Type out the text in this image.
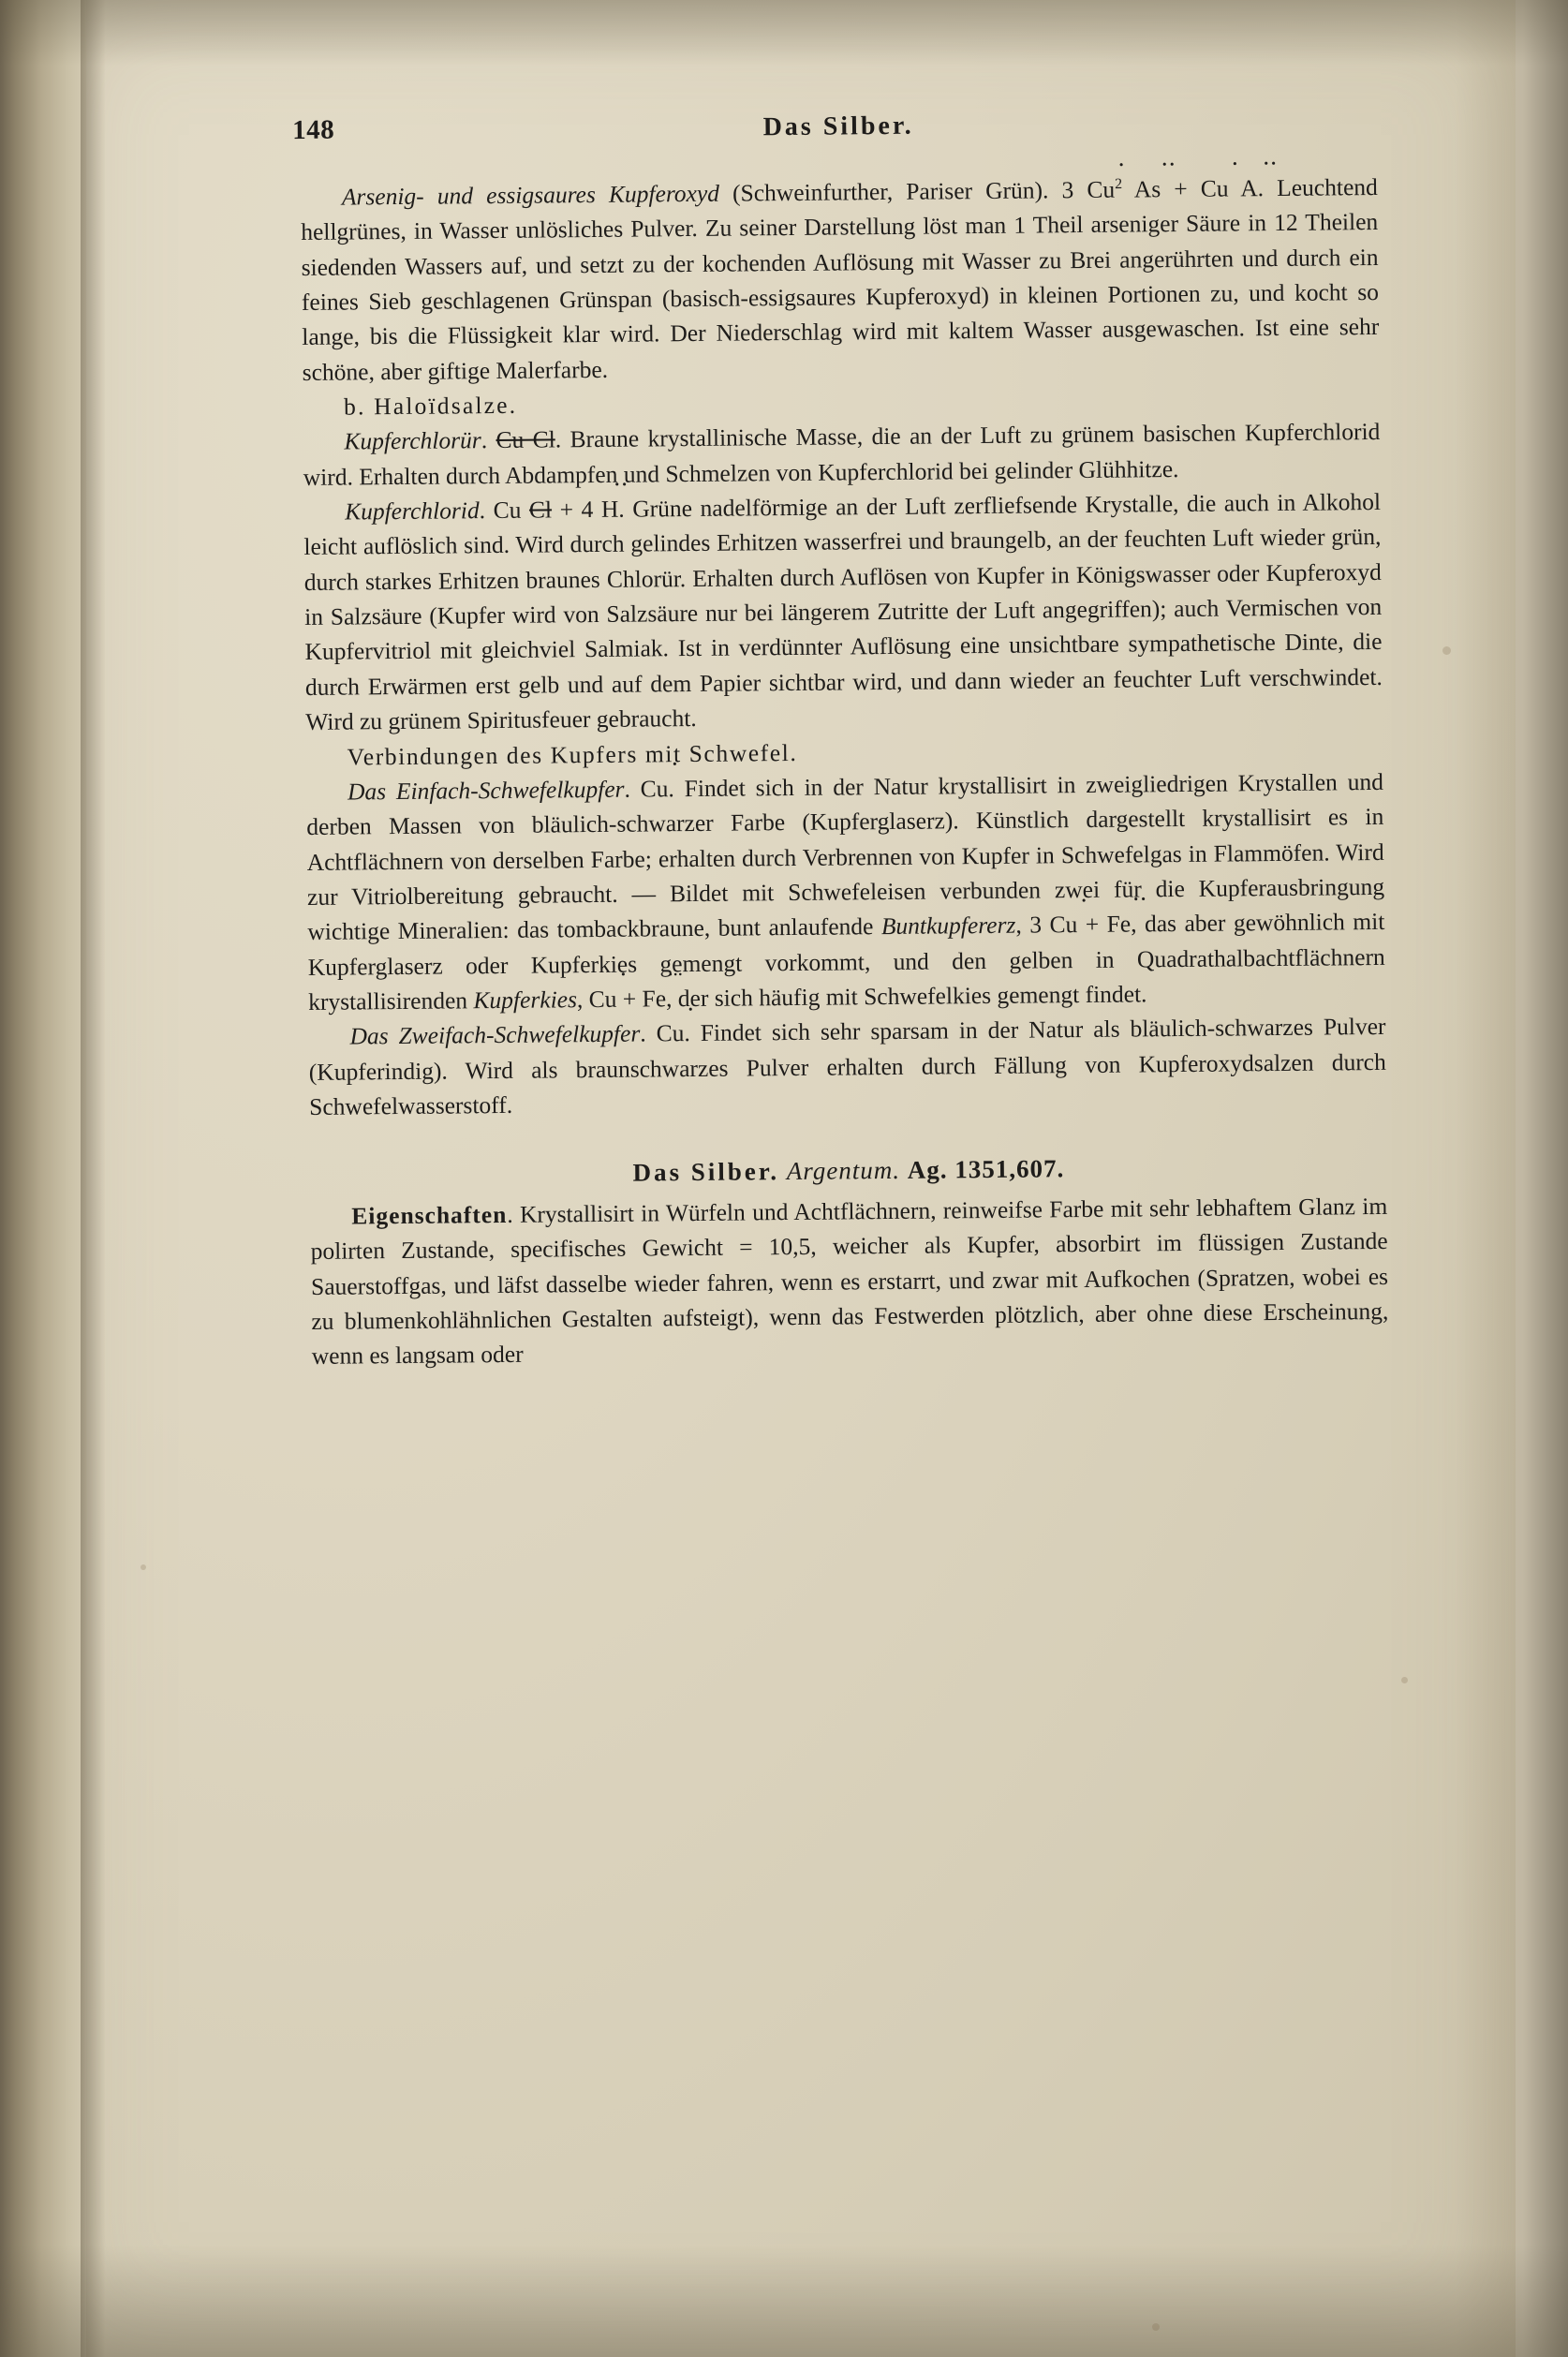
148	Das Silber.

Arsenig- und essigsaures Kupferoxyd (Schweinfurther, Pariser Grün). 3 Cu ·$^2$ As ·· + Cu · A ··. Leuchtend hellgrünes, in Wasser unlösliches Pulver. Zu seiner Darstellung löst man 1 Theil arseniger Säure in 12 Theilen siedenden Wassers auf, und setzt zu der kochenden Auflösung mit Wasser zu Brei angerührten und durch ein feines Sieb geschlagenen Grünspan (basisch-essigsaures Kupferoxyd) in kleinen Portionen zu, und kocht so lange, bis die Flüssigkeit klar wird. Der Niederschlag wird mit kaltem Wasser ausgewaschen. Ist eine sehr schöne, aber giftige Malerfarbe.

b. Haloïdsalze.

Kupferchlorür. Cu Cl. Braune krystallinische Masse, die an der Luft zu grünem basischen Kupferchlorid wird. Erhalten durch Abdampfen und Schmelzen von Kupferchlorid bei gelinder Glühhitze.

Kupferchlorid. Cu Cl + 4 H ··. Grüne nadelförmige an der Luft zerfliefsende Krystalle, die auch in Alkohol leicht auflöslich sind. Wird durch gelindes Erhitzen wasserfrei und braungelb, an der feuchten Luft wieder grün, durch starkes Erhitzen braunes Chlorür. Erhalten durch Auflösen von Kupfer in Königswasser oder Kupferoxyd in Salzsäure (Kupfer wird von Salzsäure nur bei längerem Zutritte der Luft angegriffen); auch Vermischen von Kupfervitriol mit gleichviel Salmiak. Ist in verdünnter Auflösung eine unsichtbare sympathetische Dinte, die durch Erwärmen erst gelb und auf dem Papier sichtbar wird, und dann wieder an feuchter Luft verschwindet. Wird zu grünem Spiritusfeuer gebraucht.

Verbindungen des Kupfers mit Schwefel.

Das Einfach-Schwefelkupfer. Cu ·. Findet sich in der Natur krystallisirt in zweigliedrigen Krystallen und derben Massen von bläulich-schwarzer Farbe (Kupferglaserz). Künstlich dargestellt krystallisirt es in Achtflächnern von derselben Farbe; erhalten durch Verbrennen von Kupfer in Schwefelgas in Flammöfen. Wird zur Vitriolbereitung gebraucht. — Bildet mit Schwefeleisen verbunden zwei für die Kupferausbringung wichtige Mineralien: das tombackbraune, bunt anlaufende Buntkupfererz, 3 Cu · + Fe ··, das aber gewöhnlich mit Kupferglaserz oder Kupferkies gemengt vorkommt, und den gelben in Quadrathalbachtflächnern krystallisirenden Kupferkies, Cu · + Fe ···, der sich häufig mit Schwefelkies gemengt findet.

Das Zweifach-Schwefelkupfer. Cu ·. Findet sich sehr sparsam in der Natur als bläulich-schwarzes Pulver (Kupferindig). Wird als braunschwarzes Pulver erhalten durch Fällung von Kupferoxydsalzen durch Schwefelwasserstoff.

Das Silber. Argentum. Ag. 1351,607.

Eigenschaften. Krystallisirt in Würfeln und Achtflächnern, reinweifse Farbe mit sehr lebhaftem Glanz im polirten Zustande, specifisches Gewicht = 10,5, weicher als Kupfer, absorbirt im flüssigen Zustande Sauerstoffgas, und läfst dasselbe wieder fahren, wenn es erstarrt, und zwar mit Aufkochen (Spratzen, wobei es zu blumenkohlähnlichen Gestalten aufsteigt), wenn das Festwerden plötzlich, aber ohne diese Erscheinung, wenn es langsam oder
